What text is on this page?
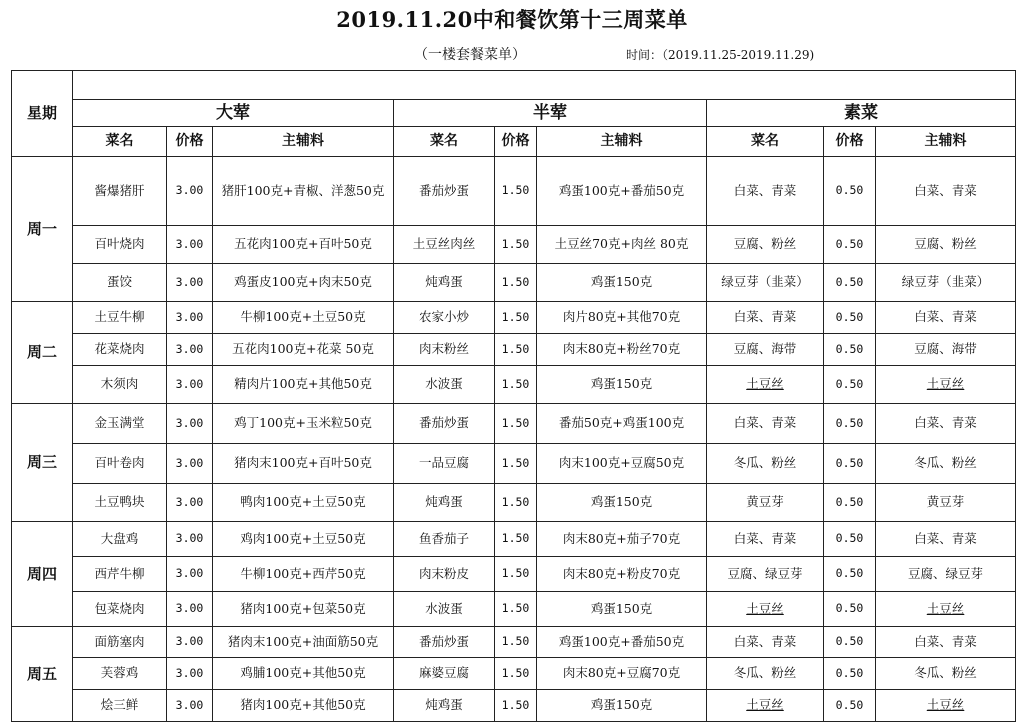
2019.11.20中和餐饮第十三周菜单
（一楼套餐菜单）	时间：（2019.11.25-2019.11.29)
星期									
	大荤			半荤			素菜		
	菜名	价格	主辅料	菜名	价格	主辅料	菜名	价格	主辅料
周一	酱爆猪肝	3.00	猪肝100克+青椒、洋葱50克	番茄炒蛋	1.50	鸡蛋100克+番茄50克	白菜、青菜	0.50	白菜、青菜
	百叶烧肉	3.00	五花肉100克+百叶50克	土豆丝肉丝	1.50	土豆丝70克+肉丝 80克	豆腐、粉丝	0.50	豆腐、粉丝
	蛋饺	3.00	鸡蛋皮100克+肉末50克	炖鸡蛋	1.50	鸡蛋150克	绿豆芽（韭菜）	0.50	绿豆芽（韭菜）
周二	土豆牛柳	3.00	牛柳100克+土豆50克	农家小炒	1.50	肉片80克+其他70克	白菜、青菜	0.50	白菜、青菜
	花菜烧肉	3.00	五花肉100克+花菜 50克	肉末粉丝	1.50	肉末80克+粉丝70克	豆腐、海带	0.50	豆腐、海带
	木须肉	3.00	精肉片100克+其他50克	水波蛋	1.50	鸡蛋150克	土豆丝	0.50	土豆丝
周三	金玉满堂	3.00	鸡丁100克+玉米粒50克	番茄炒蛋	1.50	番茄50克+鸡蛋100克	白菜、青菜	0.50	白菜、青菜
	百叶卷肉	3.00	猪肉末100克+百叶50克	一品豆腐	1.50	肉末100克+豆腐50克	冬瓜、粉丝	0.50	冬瓜、粉丝
	土豆鸭块	3.00	鸭肉100克+土豆50克	炖鸡蛋	1.50	鸡蛋150克	黄豆芽	0.50	黄豆芽
周四	大盘鸡	3.00	鸡肉100克+土豆50克	鱼香茄子	1.50	肉末80克+茄子70克	白菜、青菜	0.50	白菜、青菜
	西芹牛柳	3.00	牛柳100克+西芹50克	肉末粉皮	1.50	肉末80克+粉皮70克	豆腐、绿豆芽	0.50	豆腐、绿豆芽
	包菜烧肉	3.00	猪肉100克+包菜50克	水波蛋	1.50	鸡蛋150克	土豆丝	0.50	土豆丝
周五	面筋塞肉	3.00	猪肉末100克+油面筋50克	番茄炒蛋	1.50	鸡蛋100克+番茄50克	白菜、青菜	0.50	白菜、青菜
	芙蓉鸡	3.00	鸡脯100克+其他50克	麻婆豆腐	1.50	肉末80克+豆腐70克	冬瓜、粉丝	0.50	冬瓜、粉丝
	烩三鲜	3.00	猪肉100克+其他50克	炖鸡蛋	1.50	鸡蛋150克	土豆丝	0.50	土豆丝
